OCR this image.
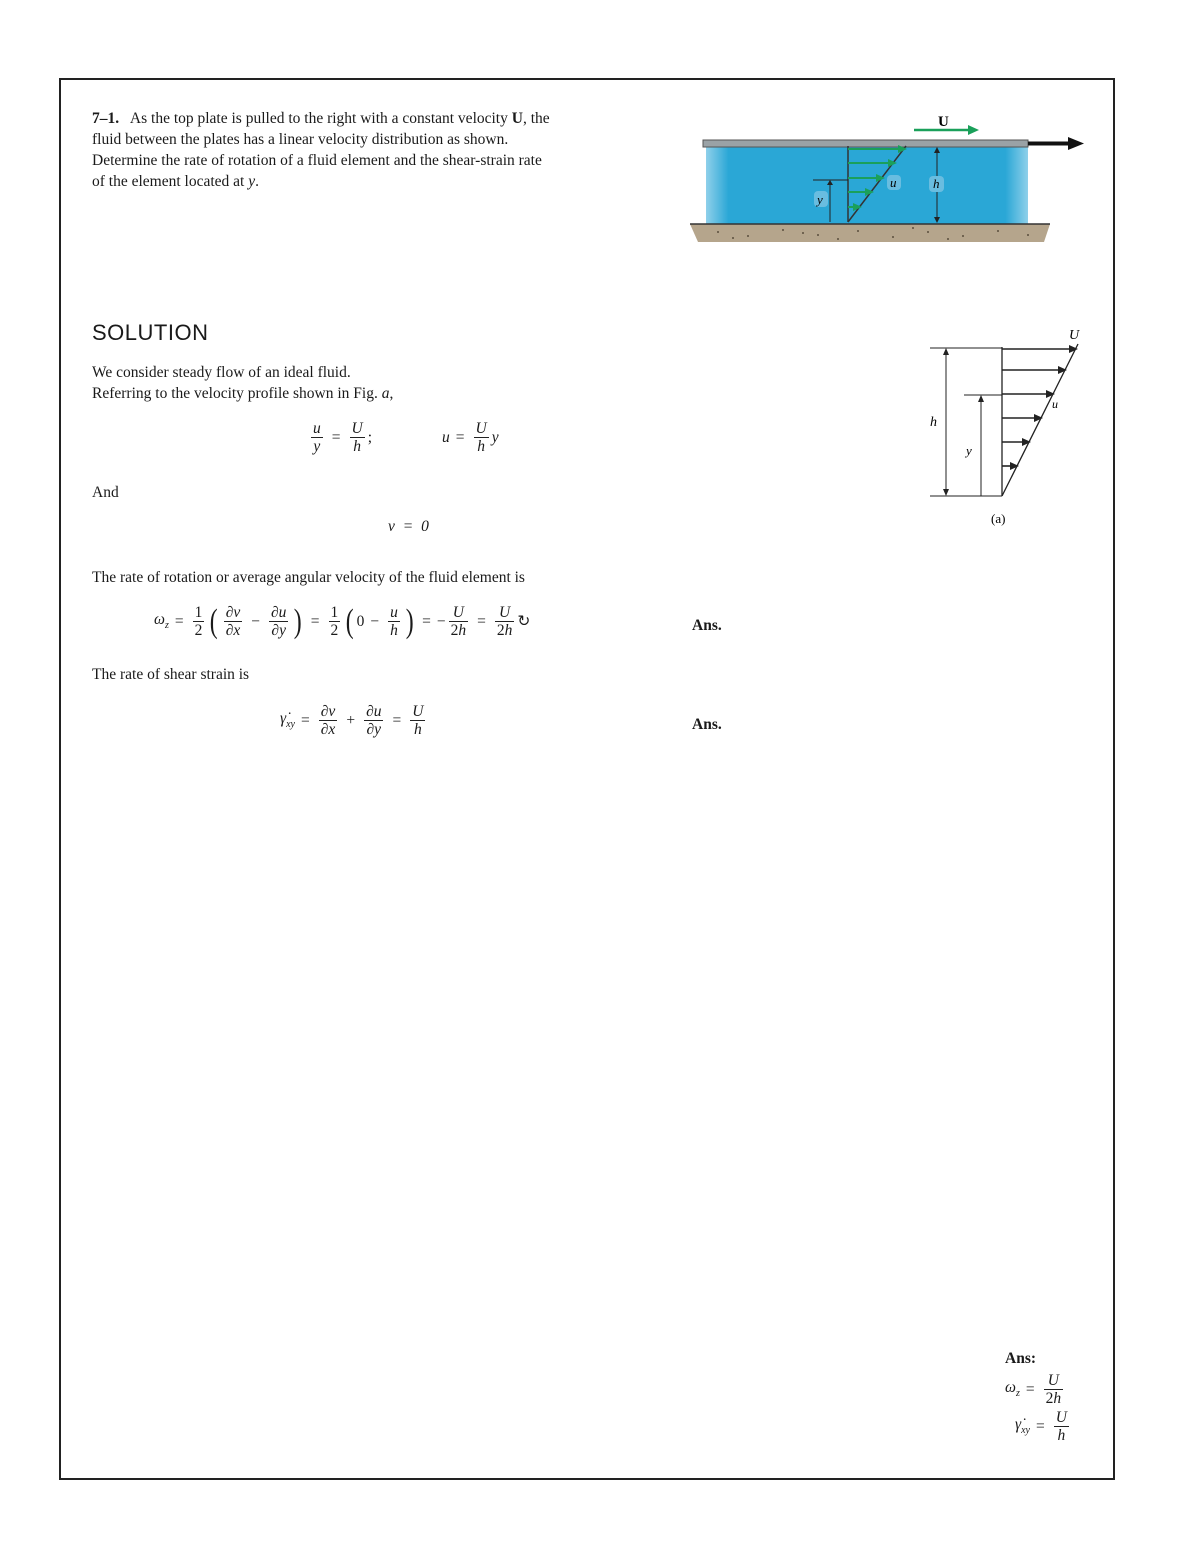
7–1. As the top plate is pulled to the right with a constant velocity U, the fluid between the plates has a linear velocity distribution as shown. Determine the rate of rotation of a fluid element and the shear-strain rate of the element located at y.
U
y
u	h
U
h
y
u
(a)
SOLUTION
We consider steady flow of an ideal fluid.
Referring to the velocity profile shown in Fig. a,
$\frac{u}{y} = \frac{U}{h}$ ;	$u = \frac{U}{h}$ y
And
v = 0
The rate of rotation or average angular velocity of the fluid element is
$\omega_z = \frac{1}{2}$ ( $\frac{\partial v}{\partial x} - \frac{\partial u}{\partial y}$ ) = $\frac{1}{2}$ ( $0 - \frac{u}{h}$ ) = − $\frac{U}{2h} = \frac{U}{2h}$ ↻	Ans.
The rate of shear strain is
$\gammȧ_{xy} = \frac{\partial v}{\partial x} + \frac{\partial u}{\partial y} = \frac{U}{h}$	Ans.
Ans:
$\omega_z = \frac{U}{2h}$
$\gammȧ_{xy} = \frac{U}{h}$
